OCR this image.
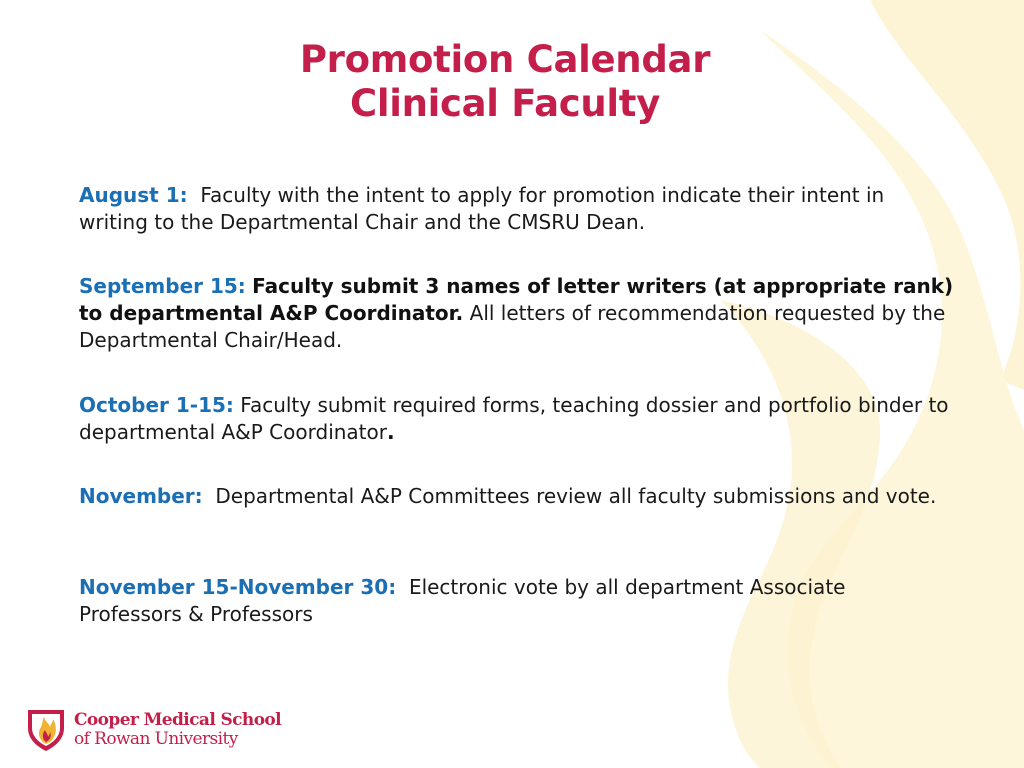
Promotion Calendar
Clinical Faculty

August 1: Faculty with the intent to apply for promotion indicate their intent in writing to the Departmental Chair and the CMSRU Dean.

September 15: Faculty submit 3 names of letter writers (at appropriate rank) to departmental A&P Coordinator. All letters of recommendation requested by the Departmental Chair/Head.

October 1-15: Faculty submit required forms, teaching dossier and portfolio binder to departmental A&P Coordinator.

November: Departmental A&P Committees review all faculty submissions and vote.

November 15-November 30: Electronic vote by all department Associate Professors & Professors

Cooper Medical School
of Rowan University
